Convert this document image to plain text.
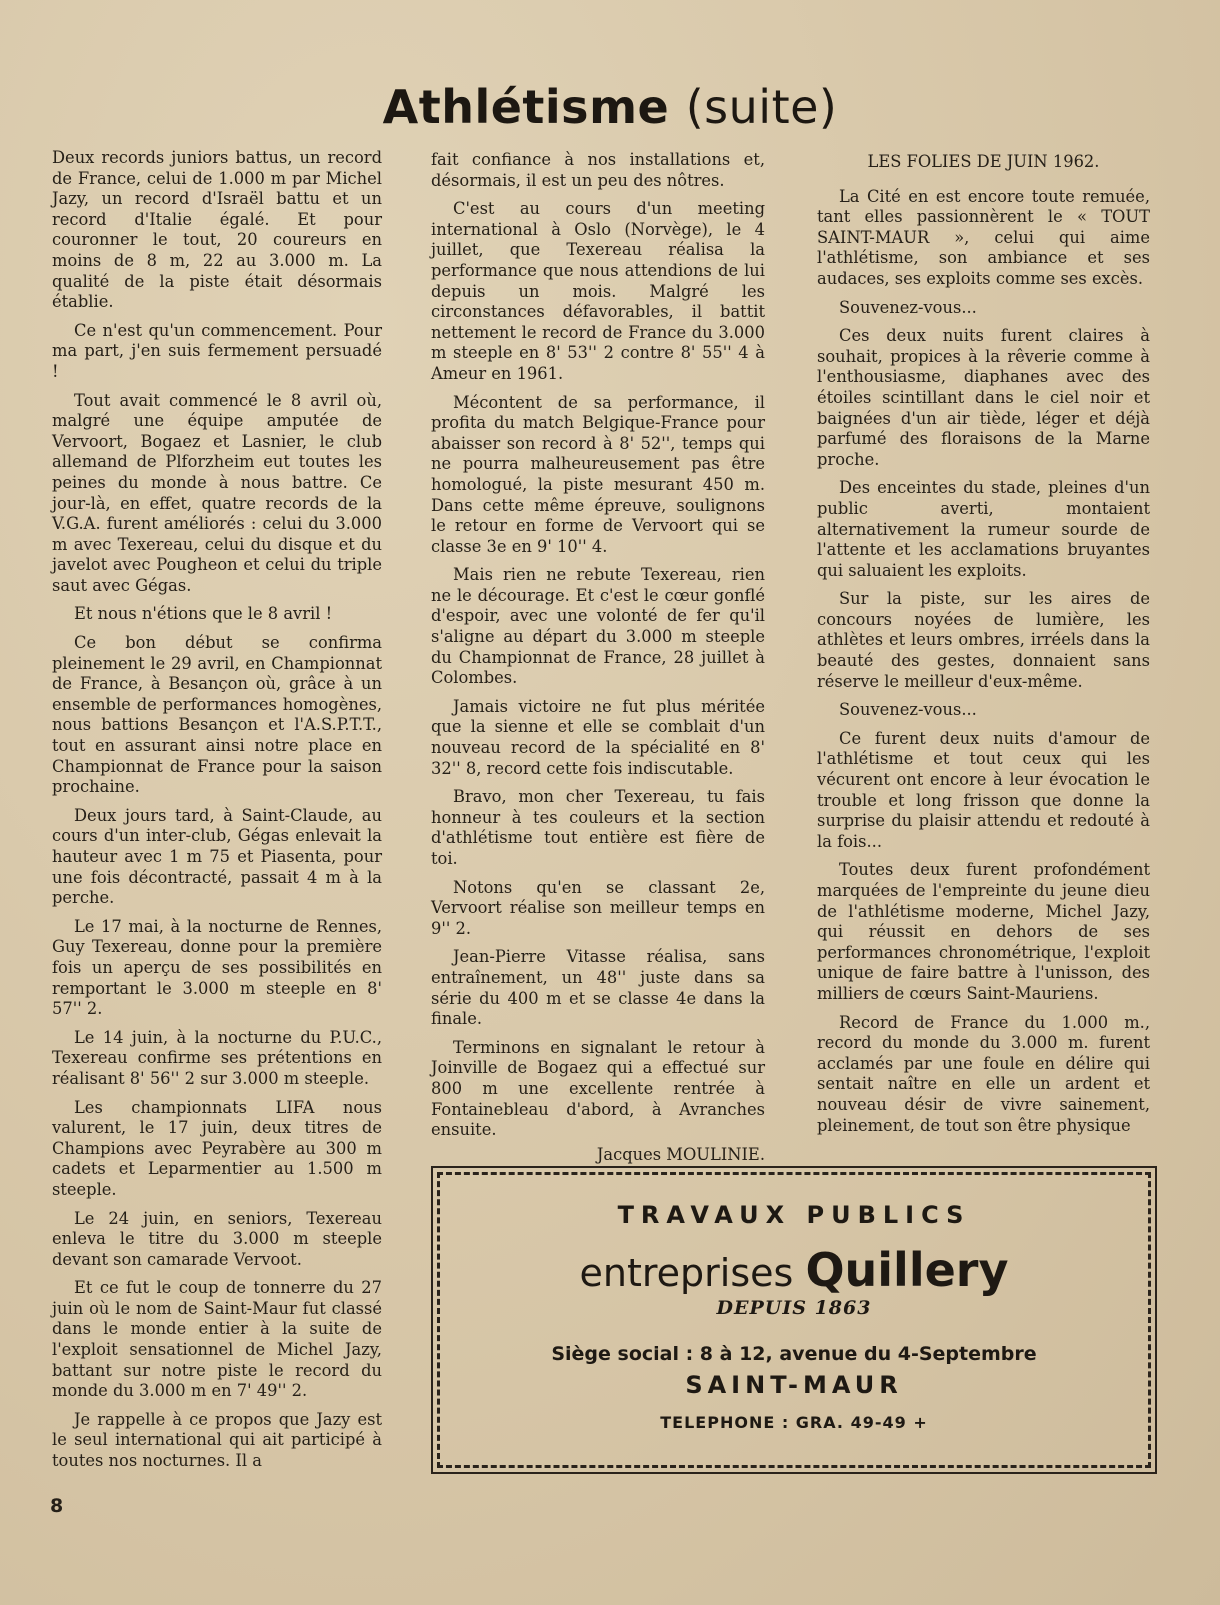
Athlétisme (suite)

Deux records juniors battus, un record de France, celui de 1.000 m par Michel Jazy, un record d'Israël battu et un record d'Italie égalé. Et pour couronner le tout, 20 coureurs en moins de 8 m, 22 au 3.000 m. La qualité de la piste était désormais établie.

Ce n'est qu'un commencement. Pour ma part, j'en suis fermement persuadé !

Tout avait commencé le 8 avril où, malgré une équipe amputée de Vervoort, Bogaez et Lasnier, le club allemand de Plforzheim eut toutes les peines du monde à nous battre. Ce jour-là, en effet, quatre records de la V.G.A. furent améliorés : celui du 3.000 m avec Texereau, celui du disque et du javelot avec Pougheon et celui du triple saut avec Gégas.

Et nous n'étions que le 8 avril !

Ce bon début se confirma pleinement le 29 avril, en Championnat de France, à Besançon où, grâce à un ensemble de performances homogènes, nous battions Besançon et l'A.S.P.T.T., tout en assurant ainsi notre place en Championnat de France pour la saison prochaine.

Deux jours tard, à Saint-Claude, au cours d'un inter-club, Gégas enlevait la hauteur avec 1 m 75 et Piasenta, pour une fois décontracté, passait 4 m à la perche.

Le 17 mai, à la nocturne de Rennes, Guy Texereau, donne pour la première fois un aperçu de ses possibilités en remportant le 3.000 m steeple en 8' 57'' 2.

Le 14 juin, à la nocturne du P.U.C., Texereau confirme ses prétentions en réalisant 8' 56'' 2 sur 3.000 m steeple.

Les championnats LIFA nous valurent, le 17 juin, deux titres de Champions avec Peyrabère au 300 m cadets et Leparmentier au 1.500 m steeple.

Le 24 juin, en seniors, Texereau enleva le titre du 3.000 m steeple devant son camarade Vervoot.

Et ce fut le coup de tonnerre du 27 juin où le nom de Saint-Maur fut classé dans le monde entier à la suite de l'exploit sensationnel de Michel Jazy, battant sur notre piste le record du monde du 3.000 m en 7' 49'' 2.

Je rappelle à ce propos que Jazy est le seul international qui ait participé à toutes nos nocturnes. Il a

fait confiance à nos installations et, désormais, il est un peu des nôtres.

C'est au cours d'un meeting international à Oslo (Norvège), le 4 juillet, que Texereau réalisa la performance que nous attendions de lui depuis un mois. Malgré les circonstances défavorables, il battit nettement le record de France du 3.000 m steeple en 8' 53'' 2 contre 8' 55'' 4 à Ameur en 1961.

Mécontent de sa performance, il profita du match Belgique-France pour abaisser son record à 8' 52'', temps qui ne pourra malheureusement pas être homologué, la piste mesurant 450 m. Dans cette même épreuve, soulignons le retour en forme de Vervoort qui se classe 3e en 9' 10'' 4.

Mais rien ne rebute Texereau, rien ne le décourage. Et c'est le cœur gonflé d'espoir, avec une volonté de fer qu'il s'aligne au départ du 3.000 m steeple du Championnat de France, 28 juillet à Colombes.

Jamais victoire ne fut plus méritée que la sienne et elle se comblait d'un nouveau record de la spécialité en 8' 32'' 8, record cette fois indiscutable.

Bravo, mon cher Texereau, tu fais honneur à tes couleurs et la section d'athlétisme tout entière est fière de toi.

Notons qu'en se classant 2e, Vervoort réalise son meilleur temps en 9'' 2.

Jean-Pierre Vitasse réalisa, sans entraînement, un 48'' juste dans sa série du 400 m et se classe 4e dans la finale.

Terminons en signalant le retour à Joinville de Bogaez qui a effectué sur 800 m une excellente rentrée à Fontainebleau d'abord, à Avranches ensuite.

Jacques MOULINIE.

LES FOLIES DE JUIN 1962.

La Cité en est encore toute remuée, tant elles passionnèrent le « TOUT SAINT-MAUR », celui qui aime l'athlétisme, son ambiance et ses audaces, ses exploits comme ses excès.

Souvenez-vous...

Ces deux nuits furent claires à souhait, propices à la rêverie comme à l'enthousiasme, diaphanes avec des étoiles scintillant dans le ciel noir et baignées d'un air tiède, léger et déjà parfumé des floraisons de la Marne proche.

Des enceintes du stade, pleines d'un public averti, montaient alternativement la rumeur sourde de l'attente et les acclamations bruyantes qui saluaient les exploits.

Sur la piste, sur les aires de concours noyées de lumière, les athlètes et leurs ombres, irréels dans la beauté des gestes, donnaient sans réserve le meilleur d'eux-même.

Souvenez-vous...

Ce furent deux nuits d'amour de l'athlétisme et tout ceux qui les vécurent ont encore à leur évocation le trouble et long frisson que donne la surprise du plaisir attendu et redouté à la fois...

Toutes deux furent profondément marquées de l'empreinte du jeune dieu de l'athlétisme moderne, Michel Jazy, qui réussit en dehors de ses performances chronométrique, l'exploit unique de faire battre à l'unisson, des milliers de cœurs Saint-Mauriens.

Record de France du 1.000 m., record du monde du 3.000 m. furent acclamés par une foule en délire qui sentait naître en elle un ardent et nouveau désir de vivre sainement, pleinement, de tout son être physique

TRAVAUX PUBLICS
entreprises Quillery
DEPUIS 1863
Siège social : 8 à 12, avenue du 4-Septembre
SAINT-MAUR
TELEPHONE : GRA. 49-49 +
8
